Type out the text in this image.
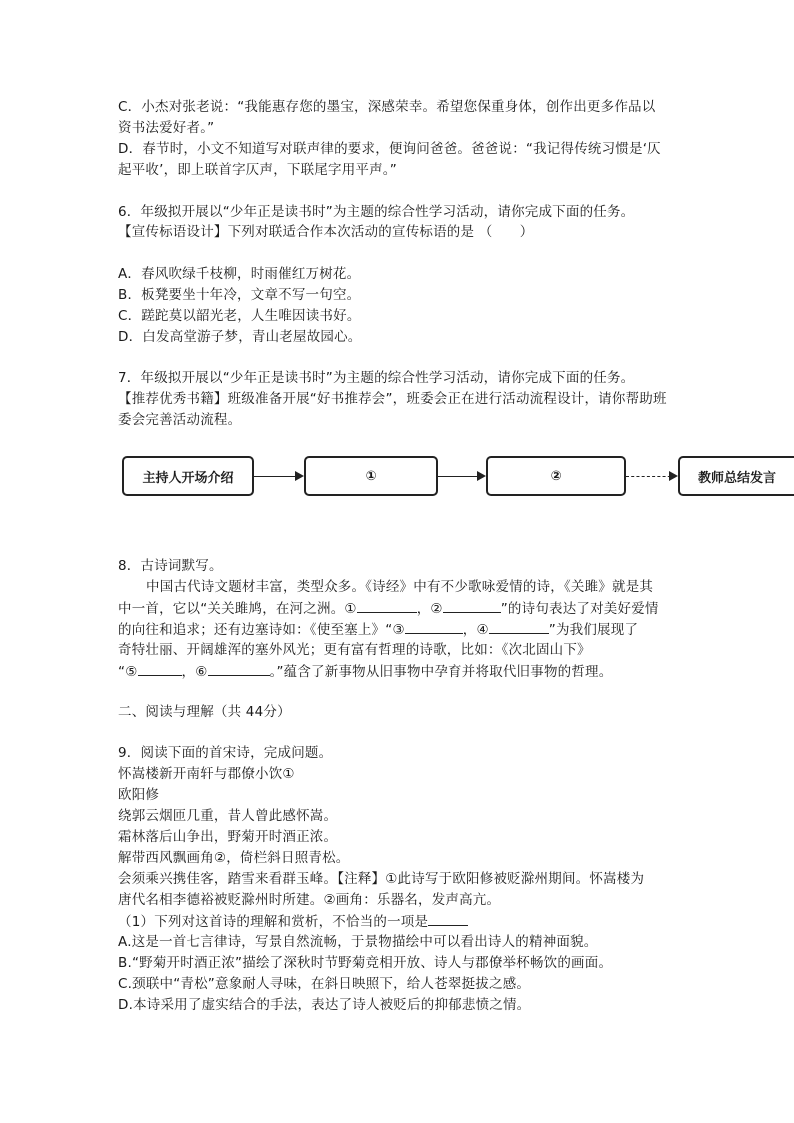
C．小杰对张老说：“我能惠存您的墨宝，深感荣幸。希望您保重身体，创作出更多作品以
资书法爱好者。”
D．春节时，小文不知道写对联声律的要求，便询问爸爸。爸爸说：“我记得传统习惯是‘仄
起平收’，即上联首字仄声，下联尾字用平声。”
6．年级拟开展以“少年正是读书时”为主题的综合性学习活动，请你完成下面的任务。
【宣传标语设计】下列对联适合作本次活动的宣传标语的是 （　　）
A．春风吹绿千枝柳，时雨催红万树花。
B．板凳要坐十年冷，文章不写一句空。
C．蹉跎莫以韶光老，人生唯因读书好。
D．白发高堂游子梦，青山老屋故园心。
7．年级拟开展以“少年正是读书时”为主题的综合性学习活动，请你完成下面的任务。
【推荐优秀书籍】班级准备开展“好书推荐会”，班委会正在进行活动流程设计，请你帮助班
委会完善活动流程。
主持人开场介绍	①	②	教师总结发言
8．古诗词默写。
中国古代诗文题材丰富，类型众多。《诗经》中有不少歌咏爱情的诗，《关雎》就是其
中一首，它以“关关雎鸠，在河之洲。①	，②	”的诗句表达了对美好爱情
的向往和追求；还有边塞诗如：《使至塞上》“③	，④	”为我们展现了
奇特壮丽、开阔雄浑的塞外风光；更有富有哲理的诗歌，比如：《次北固山下》
“⑤	，⑥	。”蕴含了新事物从旧事物中孕育并将取代旧事物的哲理。
二、阅读与理解（共 44分）
9．阅读下面的首宋诗，完成问题。
怀嵩楼新开南轩与郡僚小饮①
欧阳修
绕郭云烟匝几重，昔人曾此感怀嵩。
霜林落后山争出，野菊开时酒正浓。
解带西风飘画角②，倚栏斜日照青松。
会须乘兴携佳客，踏雪来看群玉峰。【注释】①此诗写于欧阳修被贬滁州期间。怀嵩楼为
唐代名相李德裕被贬滁州时所建。②画角：乐器名，发声高亢。
（1）下列对这首诗的理解和赏析，不恰当的一项是
A.这是一首七言律诗，写景自然流畅，于景物描绘中可以看出诗人的精神面貌。
B.“野菊开时酒正浓”描绘了深秋时节野菊竞相开放、诗人与郡僚举杯畅饮的画面。
C.颈联中“青松”意象耐人寻味，在斜日映照下，给人苍翠挺拔之感。
D.本诗采用了虚实结合的手法，表达了诗人被贬后的抑郁悲愤之情。
